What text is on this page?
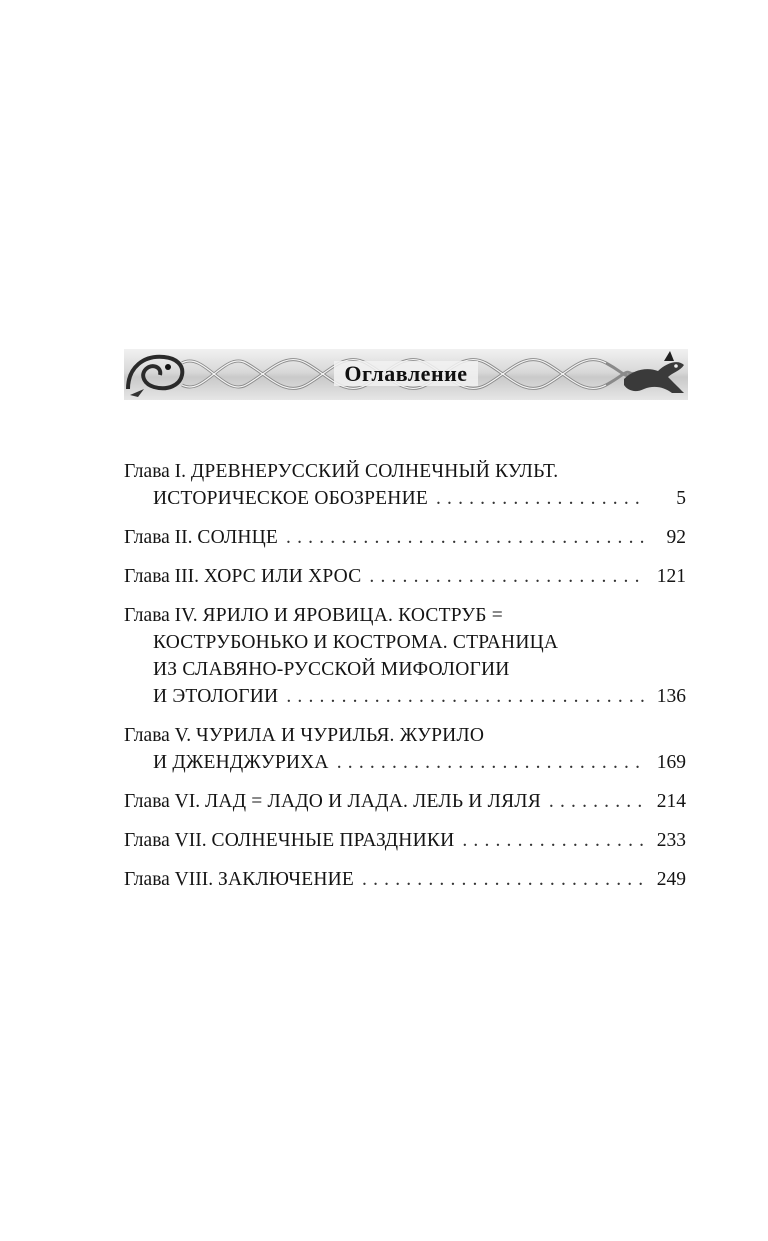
Оглавление
Глава I.
ДРЕВНЕРУССКИЙ СОЛНЕЧНЫЙ КУЛЬТ.
ИСТОРИЧЕСКОЕ ОБОЗРЕНИЕ . . .	5
Глава II.
СОЛНЦЕ . . .	92
Глава III.
ХОРС ИЛИ ХРОС . . .	121
Глава IV.
ЯРИЛО И ЯРОВИЦА. КОСТРУБ =
КОСТРУБОНЬКО И КОСТРОМА. СТРАНИЦА
ИЗ СЛАВЯНО-РУССКОЙ МИФОЛОГИИ
И ЭТОЛОГИИ . . .	136
Глава V.
ЧУРИЛА И ЧУРИЛЬЯ. ЖУРИЛО
И ДЖЕНДЖУРИХА . . .	169
Глава VI.
ЛАД = ЛАДО И ЛАДА. ЛЕЛЬ И ЛЯЛЯ . . .	214
Глава VII.
СОЛНЕЧНЫЕ ПРАЗДНИКИ . . .	233
Глава VIII.
ЗАКЛЮЧЕНИЕ . . .	249
